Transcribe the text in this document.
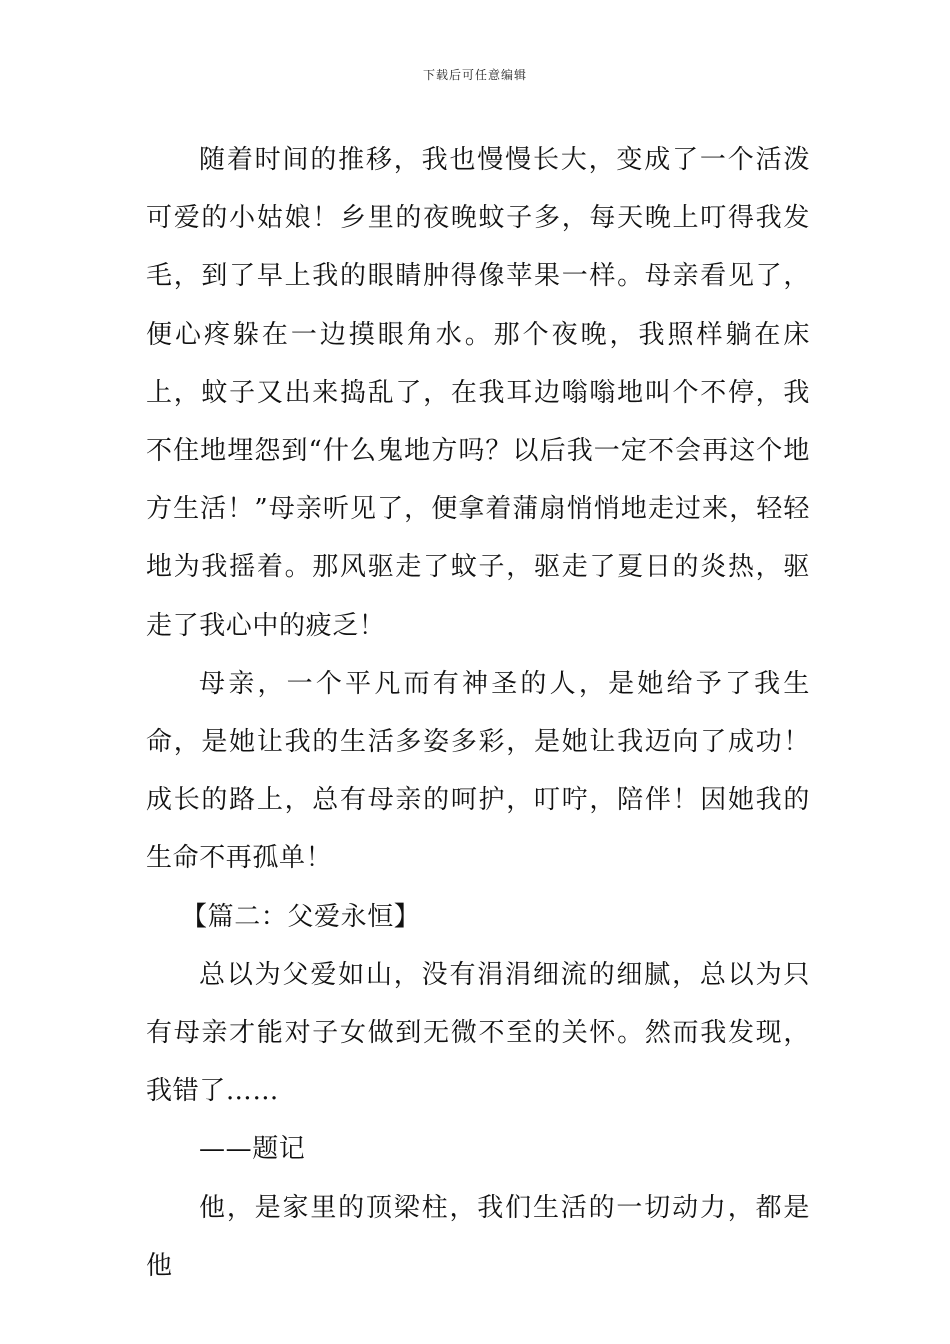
下载后可任意编辑

随着时间的推移，我也慢慢长大，变成了一个活泼可爱的小姑娘！乡里的夜晚蚊子多，每天晚上叮得我发毛，到了早上我的眼睛肿得像苹果一样。母亲看见了，便心疼躲在一边摸眼角水。那个夜晚，我照样躺在床上，蚊子又出来捣乱了，在我耳边嗡嗡地叫个不停，我不住地埋怨到“什么鬼地方吗？以后我一定不会再这个地方生活！”母亲听见了，便拿着蒲扇悄悄地走过来，轻轻地为我摇着。那风驱走了蚊子，驱走了夏日的炎热，驱走了我心中的疲乏！

母亲，一个平凡而有神圣的人，是她给予了我生命，是她让我的生活多姿多彩，是她让我迈向了成功！成长的路上，总有母亲的呵护，叮咛，陪伴！因她我的生命不再孤单！

【篇二：父爱永恒】

总以为父爱如山，没有涓涓细流的细腻，总以为只有母亲才能对子女做到无微不至的关怀。然而我发现，我错了……

——题记

他，是家里的顶梁柱，我们生活的一切动力，都是他
